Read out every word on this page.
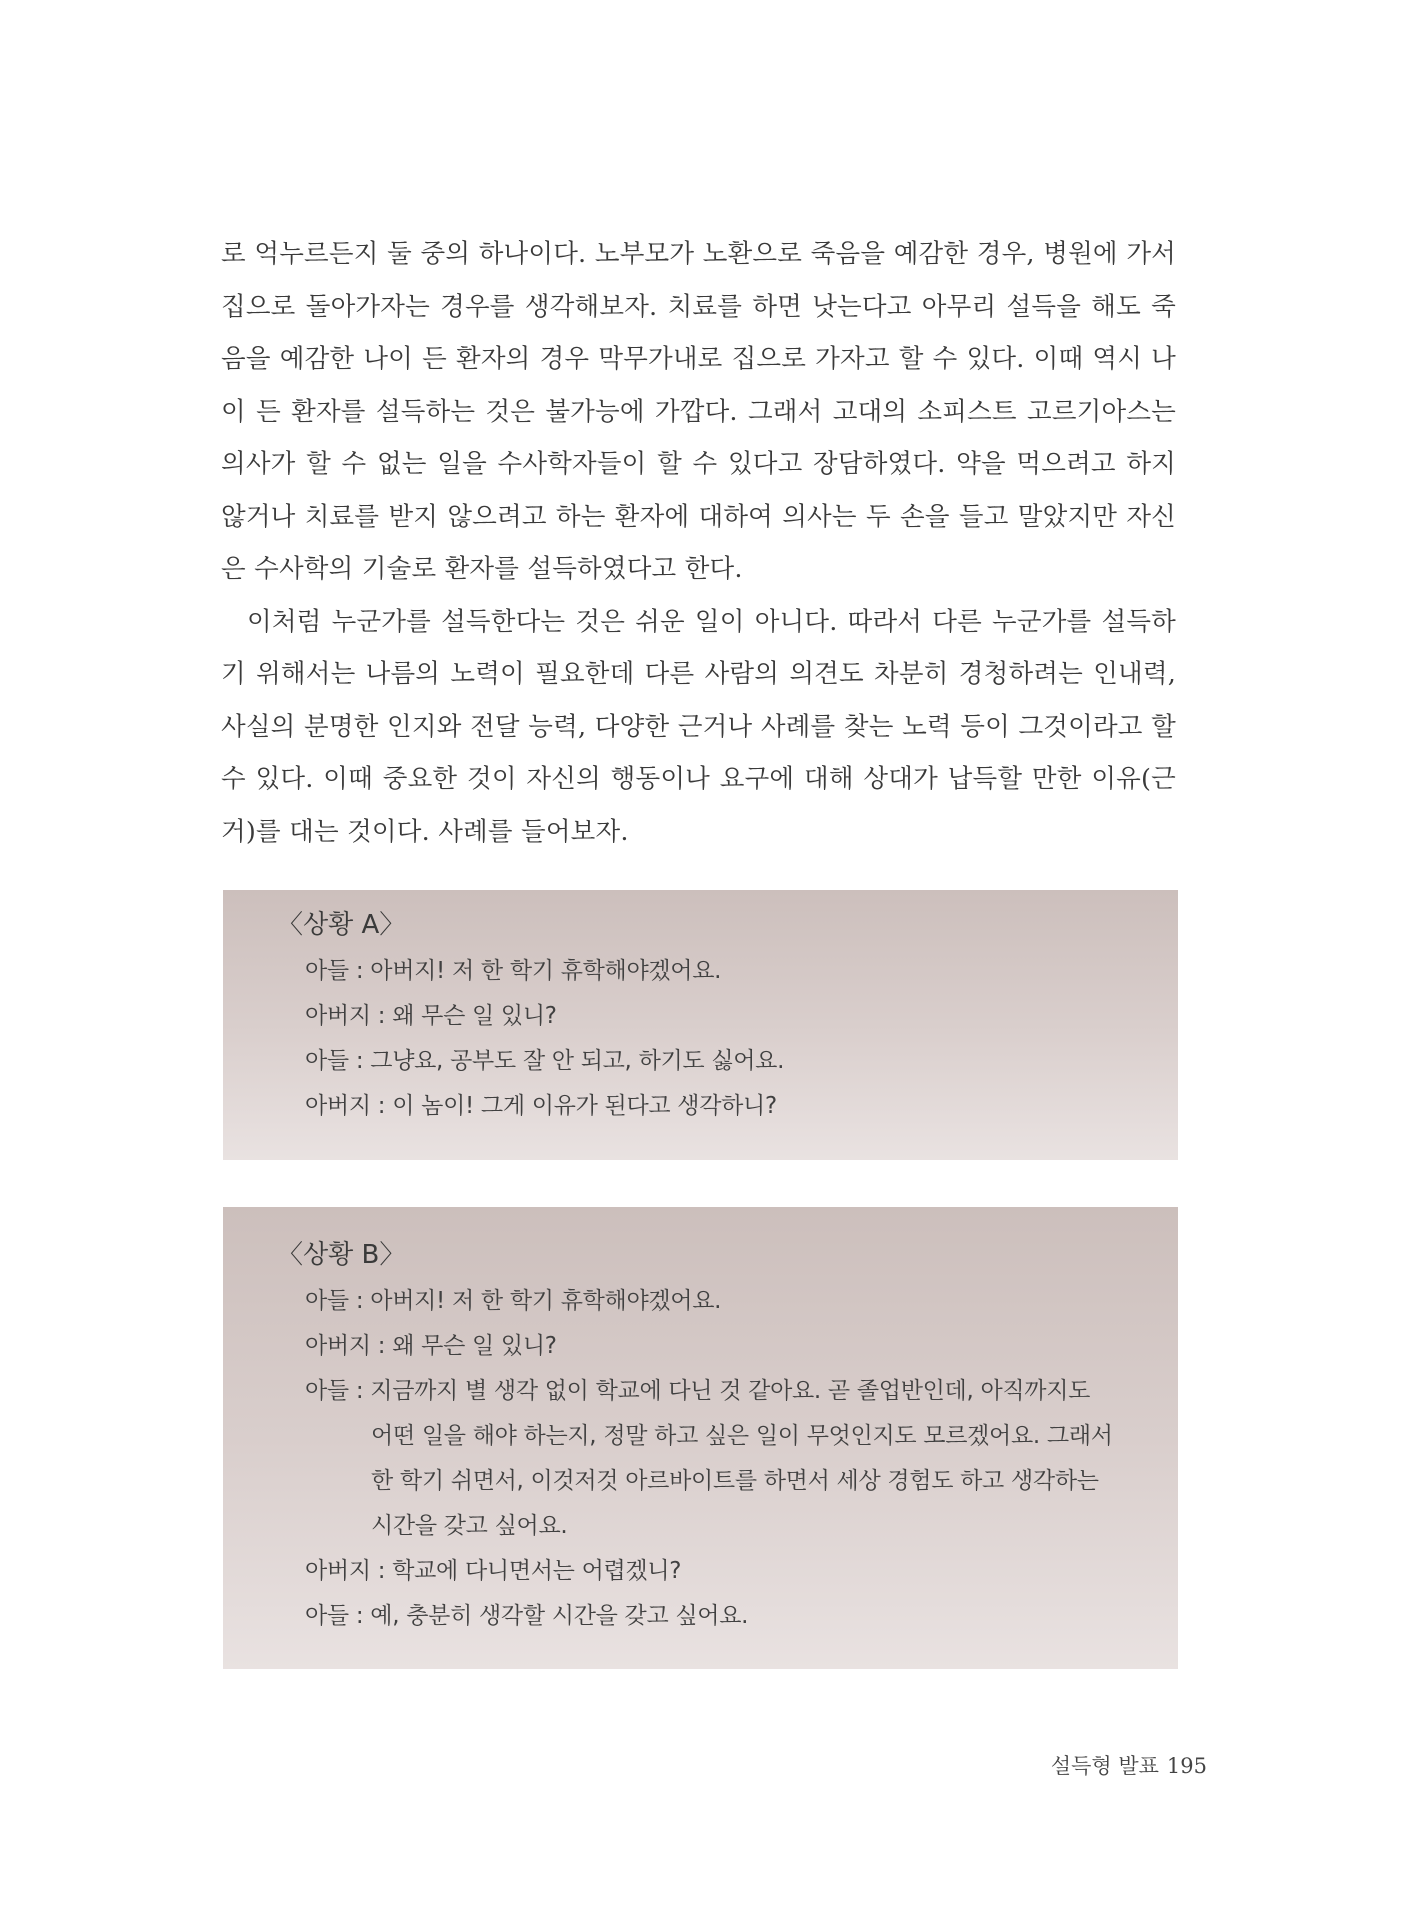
로 억누르든지 둘 중의 하나이다. 노부모가 노환으로 죽음을 예감한 경우, 병원에 가서 집으로 돌아가자는 경우를 생각해보자. 치료를 하면 낫는다고 아무리 설득을 해도 죽음을 예감한 나이 든 환자의 경우 막무가내로 집으로 가자고 할 수 있다. 이때 역시 나이 든 환자를 설득하는 것은 불가능에 가깝다. 그래서 고대의 소피스트 고르기아스는 의사가 할 수 없는 일을 수사학자들이 할 수 있다고 장담하였다. 약을 먹으려고 하지 않거나 치료를 받지 않으려고 하는 환자에 대하여 의사는 두 손을 들고 말았지만 자신은 수사학의 기술로 환자를 설득하였다고 한다.

이처럼 누군가를 설득한다는 것은 쉬운 일이 아니다. 따라서 다른 누군가를 설득하기 위해서는 나름의 노력이 필요한데 다른 사람의 의견도 차분히 경청하려는 인내력, 사실의 분명한 인지와 전달 능력, 다양한 근거나 사례를 찾는 노력 등이 그것이라고 할 수 있다. 이때 중요한 것이 자신의 행동이나 요구에 대해 상대가 납득할 만한 이유(근거)를 대는 것이다. 사례를 들어보자.

〈상황 A〉
아들 : 아버지! 저 한 학기 휴학해야겠어요.
아버지 : 왜 무슨 일 있니?
아들 : 그냥요, 공부도 잘 안 되고, 하기도 싫어요.
아버지 : 이 놈이! 그게 이유가 된다고 생각하니?
〈상황 B〉
아들 : 아버지! 저 한 학기 휴학해야겠어요.
아버지 : 왜 무슨 일 있니?
아들 : 지금까지 별 생각 없이 학교에 다닌 것 같아요. 곧 졸업반인데, 아직까지도
어떤 일을 해야 하는지, 정말 하고 싶은 일이 무엇인지도 모르겠어요. 그래서
한 학기 쉬면서, 이것저것 아르바이트를 하면서 세상 경험도 하고 생각하는
시간을 갖고 싶어요.
아버지 : 학교에 다니면서는 어렵겠니?
아들 : 예, 충분히 생각할 시간을 갖고 싶어요.
설득형 발표 195
